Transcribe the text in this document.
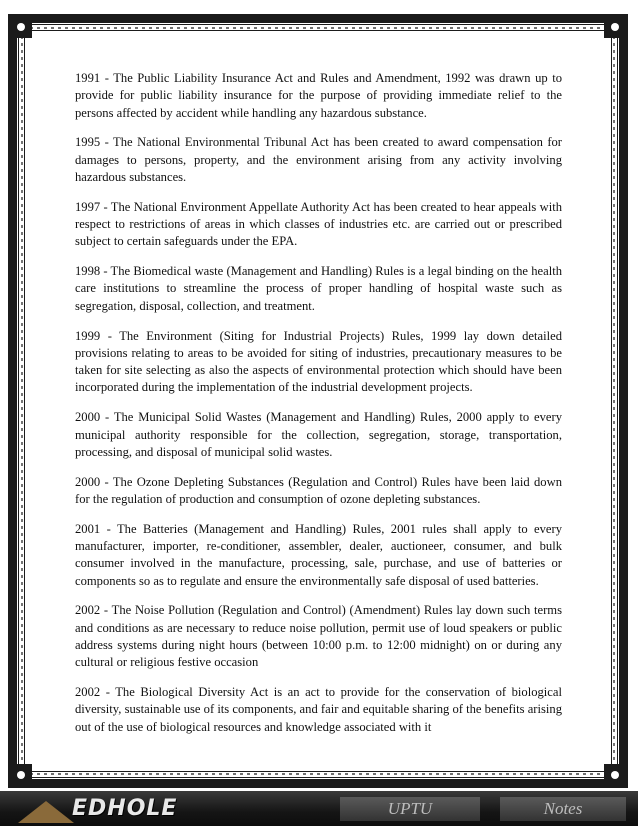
1991 - The Public Liability Insurance Act and Rules and Amendment, 1992 was drawn up to provide for public liability insurance for the purpose of providing immediate relief to the persons affected by accident while handling any hazardous substance.

1995 - The National Environmental Tribunal Act has been created to award compensation for damages to persons, property, and the environment arising from any activity involving hazardous substances.

1997 - The National Environment Appellate Authority Act has been created to hear appeals with respect to restrictions of areas in which classes of industries etc. are carried out or prescribed subject to certain safeguards under the EPA.

1998 - The Biomedical waste (Management and Handling) Rules is a legal binding on the health care institutions to streamline the process of proper handling of hospital waste such as segregation, disposal, collection, and treatment.

1999 - The Environment (Siting for Industrial Projects) Rules, 1999 lay down detailed provisions relating to areas to be avoided for siting of industries, precautionary measures to be taken for site selecting as also the aspects of environmental protection which should have been incorporated during the implementation of the industrial development projects.

2000 - The Municipal Solid Wastes (Management and Handling) Rules, 2000 apply to every municipal authority responsible for the collection, segregation, storage, transportation, processing, and disposal of municipal solid wastes.

2000 - The Ozone Depleting Substances (Regulation and Control) Rules have been laid down for the regulation of production and consumption of ozone depleting substances.

2001 - The Batteries (Management and Handling) Rules, 2001 rules shall apply to every manufacturer, importer, re-conditioner, assembler, dealer, auctioneer, consumer, and bulk consumer involved in the manufacture, processing, sale, purchase, and use of batteries or components so as to regulate and ensure the environmentally safe disposal of used batteries.

2002 - The Noise Pollution (Regulation and Control) (Amendment) Rules lay down such terms and conditions as are necessary to reduce noise pollution, permit use of loud speakers or public address systems during night hours (between 10:00 p.m. to 12:00 midnight) on or during any cultural or religious festive occasion

2002 - The Biological Diversity Act is an act to provide for the conservation of biological diversity, sustainable use of its components, and fair and equitable sharing of the benefits arising out of the use of biological resources and knowledge associated with it

EDHOLE	UPTU	Notes
